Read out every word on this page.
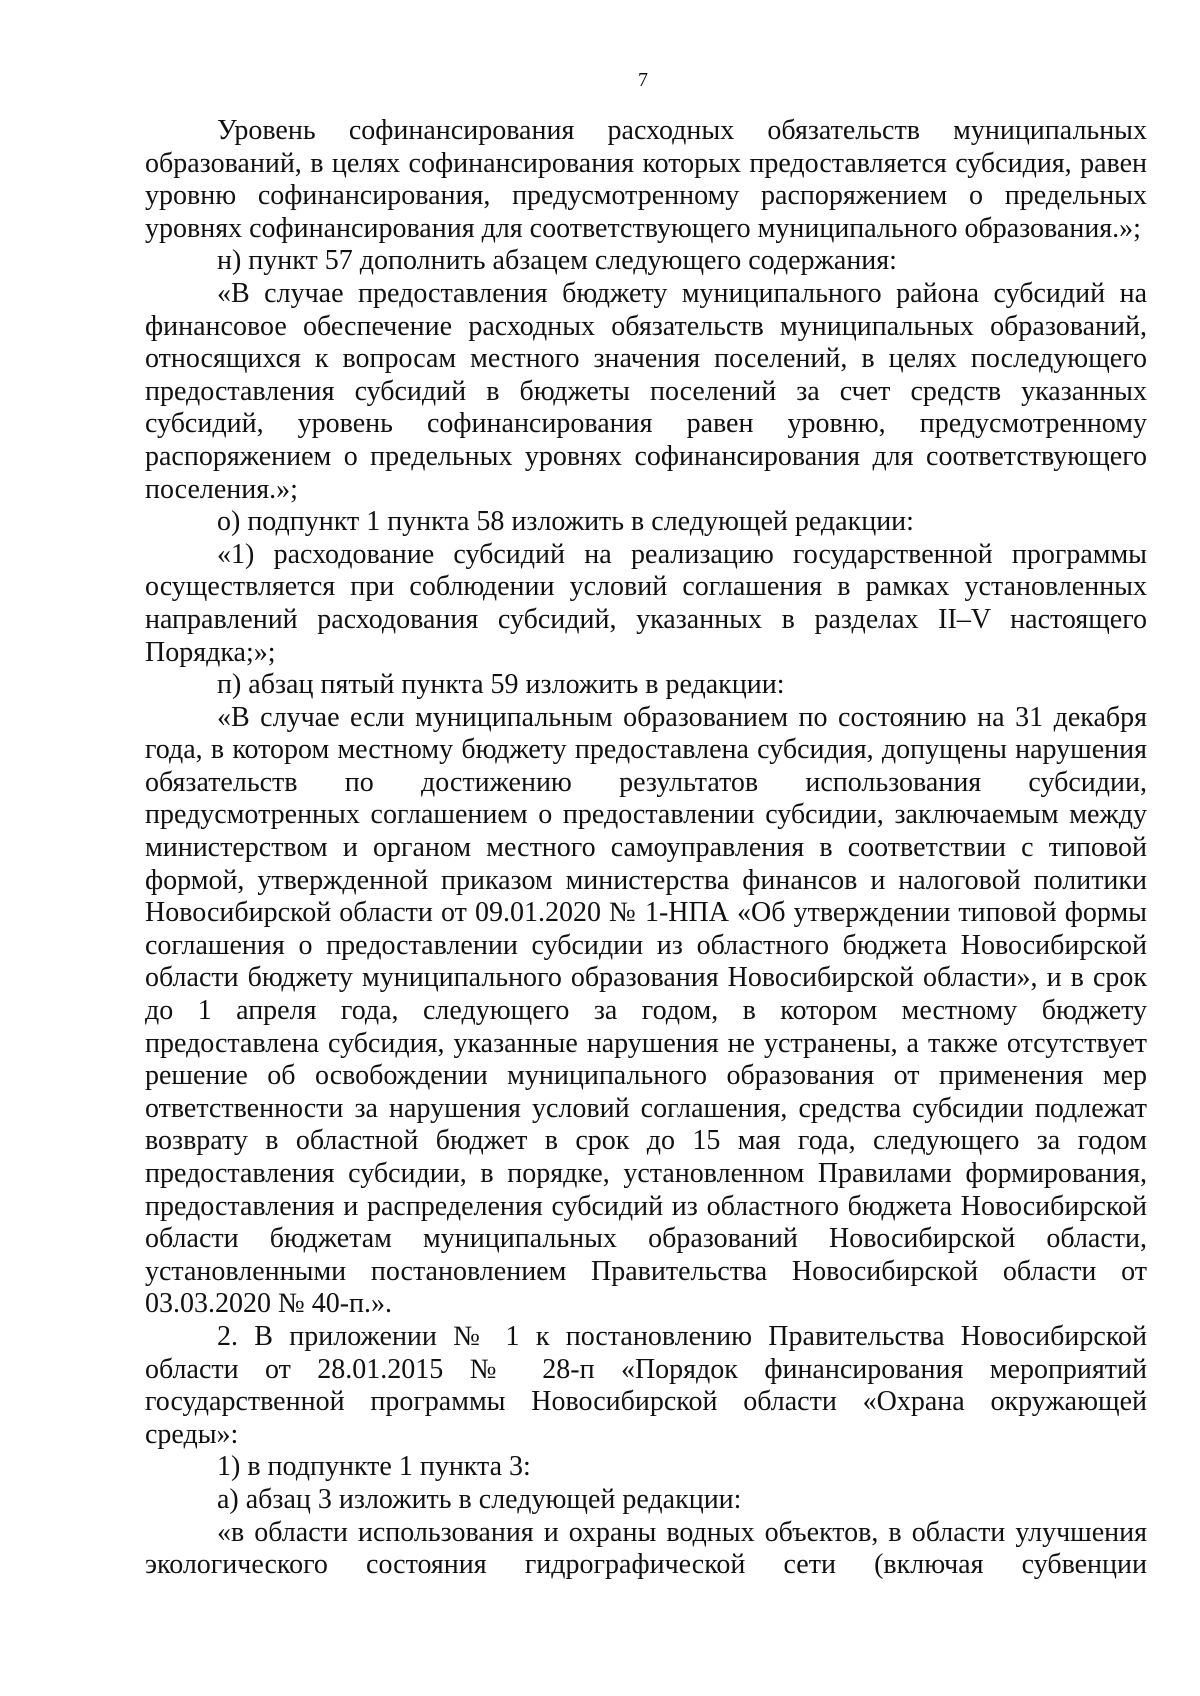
7

Уровень софинансирования расходных обязательств муниципальных образований, в целях софинансирования которых предоставляется субсидия, равен уровню софинансирования, предусмотренному распоряжением о предельных уровнях софинансирования для соответствующего муниципального образования.»;

н) пункт 57 дополнить абзацем следующего содержания:

«В случае предоставления бюджету муниципального района субсидий на финансовое обеспечение расходных обязательств муниципальных образований, относящихся к вопросам местного значения поселений, в целях последующего предоставления субсидий в бюджеты поселений за счет средств указанных субсидий, уровень софинансирования равен уровню, предусмотренному распоряжением о предельных уровнях софинансирования для соответствующего поселения.»;

о) подпункт 1 пункта 58 изложить в следующей редакции:

«1) расходование субсидий на реализацию государственной программы осуществляется при соблюдении условий соглашения в рамках установленных направлений расходования субсидий, указанных в разделах II–V настоящего Порядка;»;

п) абзац пятый пункта 59 изложить в редакции:

«В случае если муниципальным образованием по состоянию на 31 декабря года, в котором местному бюджету предоставлена субсидия, допущены нарушения обязательств по достижению результатов использования субсидии, предусмотренных соглашением о предоставлении субсидии, заключаемым между министерством и органом местного самоуправления в соответствии с типовой формой, утвержденной приказом министерства финансов и налоговой политики Новосибирской области от 09.01.2020 № 1-НПА «Об утверждении типовой формы соглашения о предоставлении субсидии из областного бюджета Новосибирской области бюджету муниципального образования Новосибирской области», и в срок до 1 апреля года, следующего за годом, в котором местному бюджету предоставлена субсидия, указанные нарушения не устранены, а также отсутствует решение об освобождении муниципального образования от применения мер ответственности за нарушения условий соглашения, средства субсидии подлежат возврату в областной бюджет в срок до 15 мая года, следующего за годом предоставления субсидии, в порядке, установленном Правилами формирования, предоставления и распределения субсидий из областного бюджета Новосибирской области бюджетам муниципальных образований Новосибирской области, установленными постановлением Правительства Новосибирской области от 03.03.2020 № 40-п.».

2. В приложении № 1 к постановлению Правительства Новосибирской области от 28.01.2015 № 28-п «Порядок финансирования мероприятий государственной программы Новосибирской области «Охрана окружающей среды»:

1) в подпункте 1 пункта 3:

а) абзац 3 изложить в следующей редакции:

«в области использования и охраны водных объектов, в области улучшения экологического состояния гидрографической сети (включая субвенции
